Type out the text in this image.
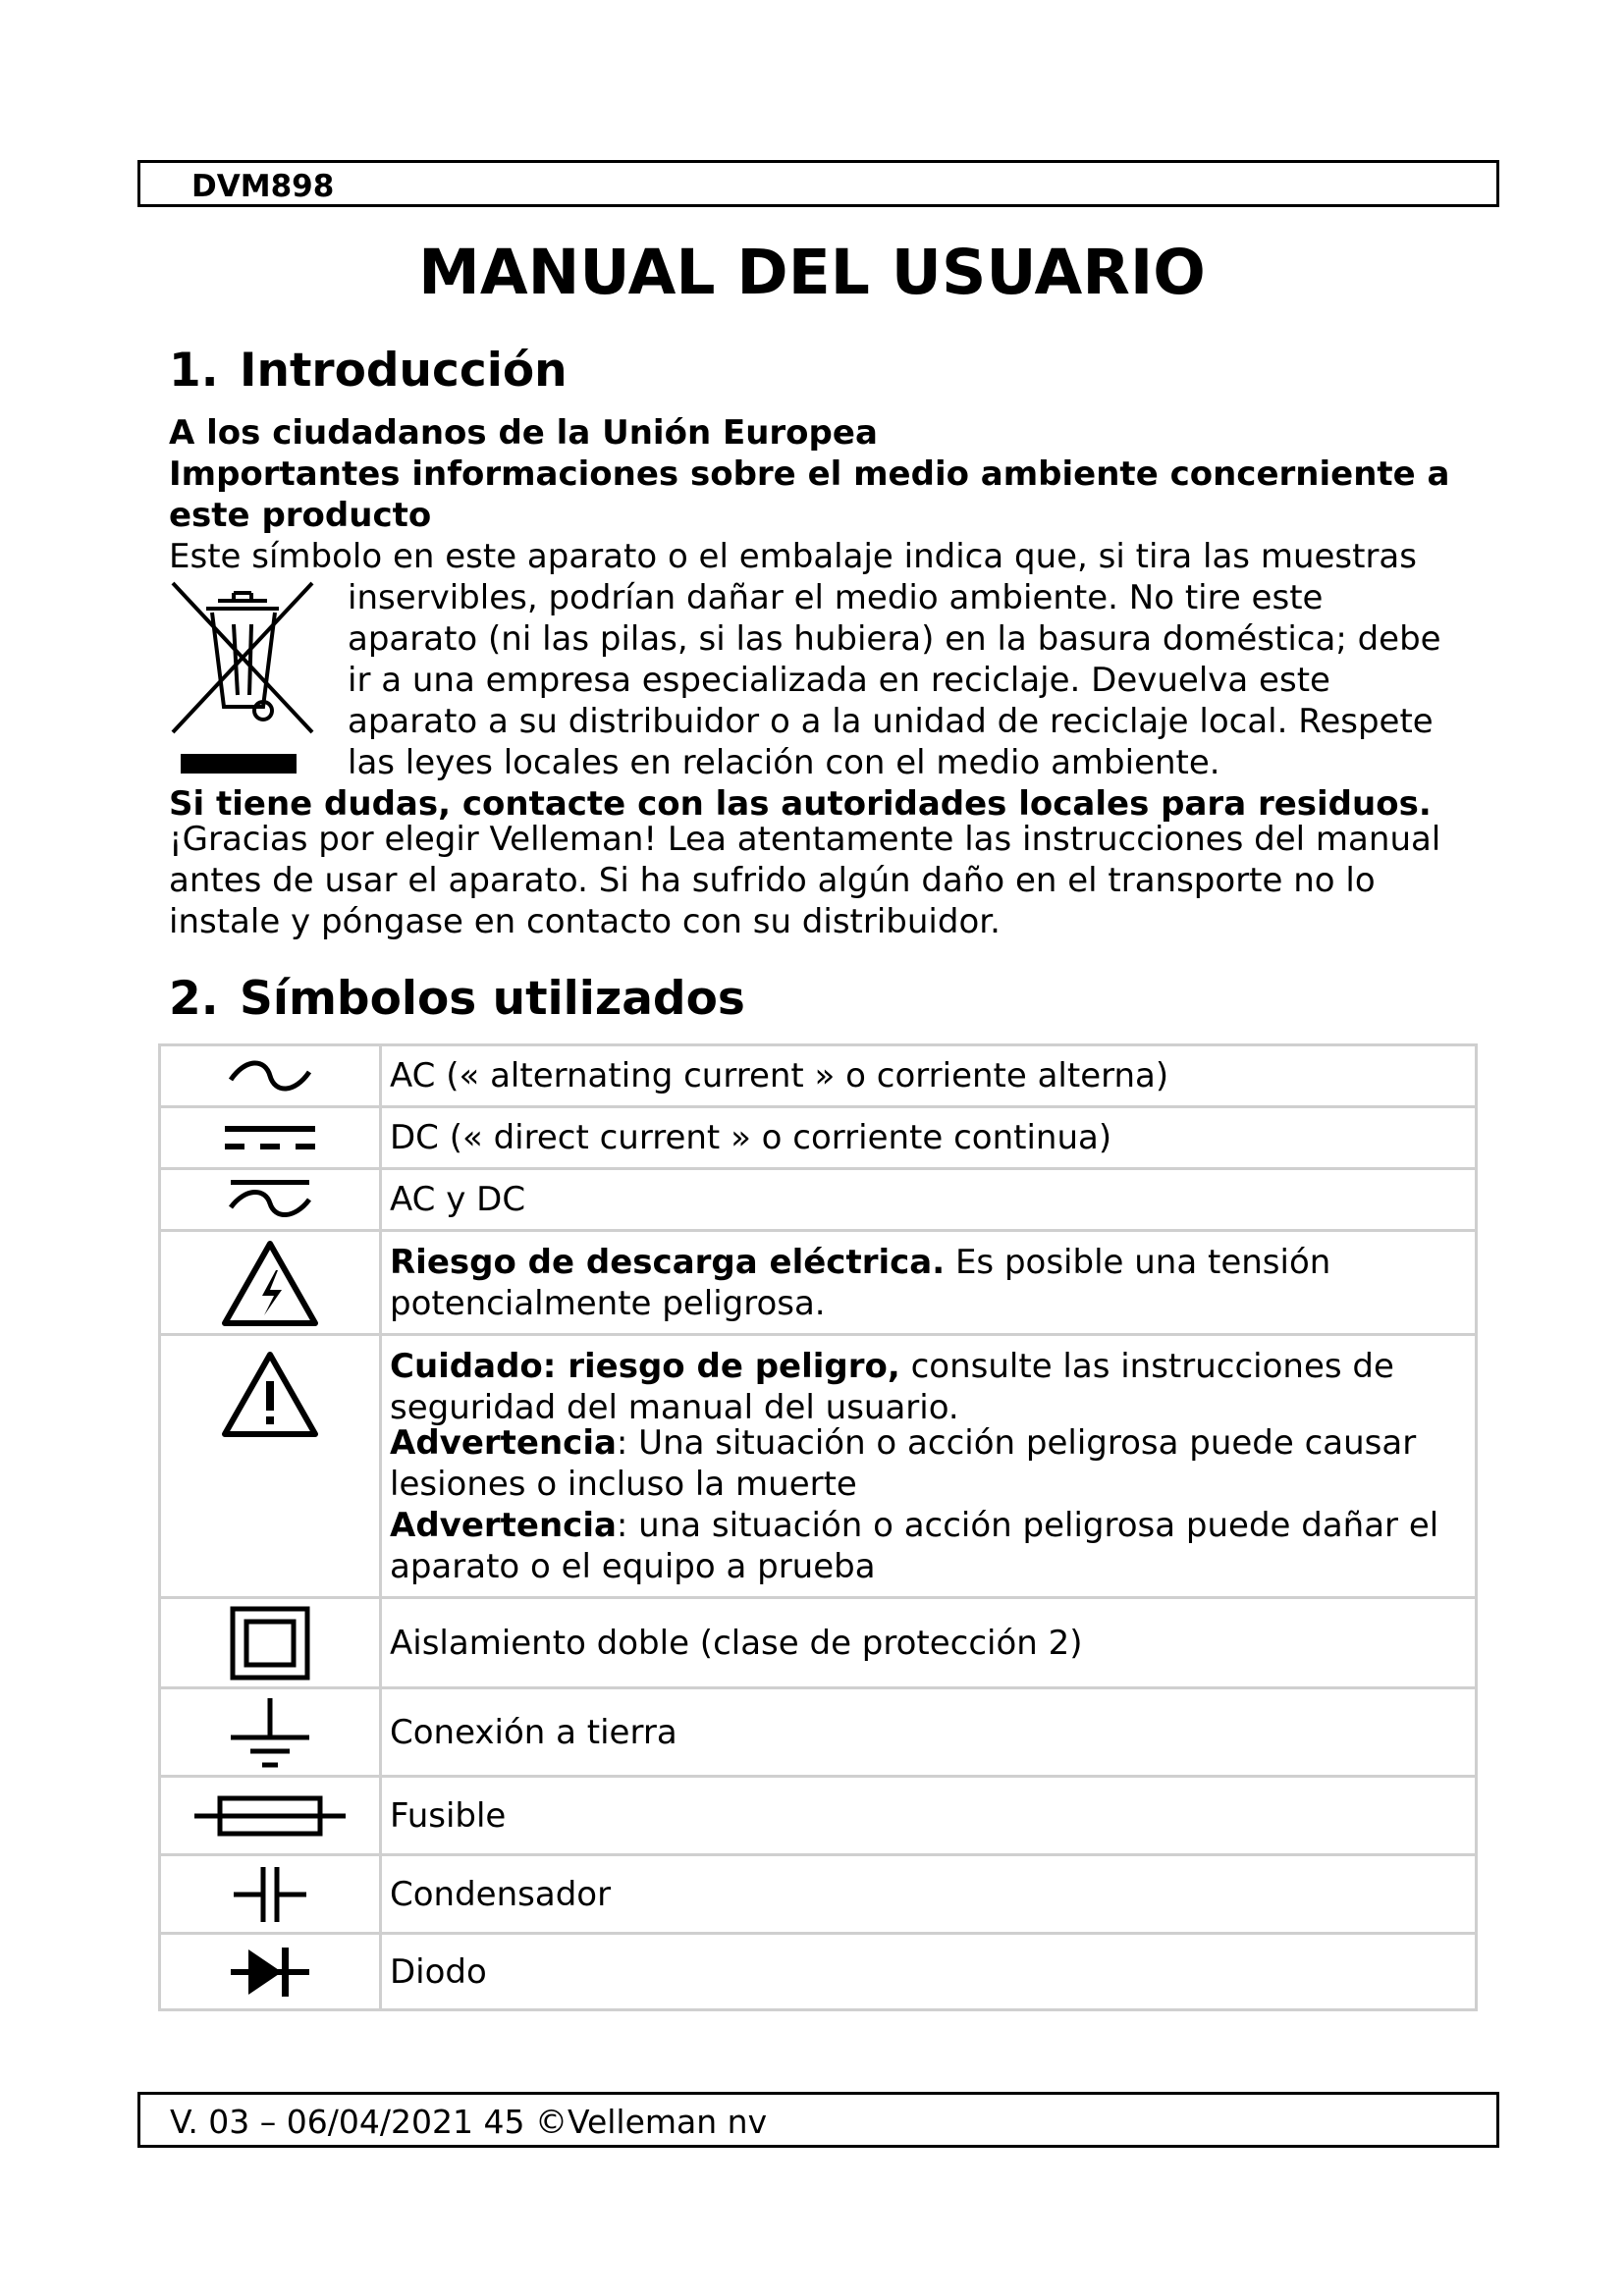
DVM898
MANUAL DEL USUARIO
1. Introducción

A los ciudadanos de la Unión Europea

Importantes informaciones sobre el medio ambiente concerniente a

este producto

Este símbolo en este aparato o el embalaje indica que, si tira las muestras

inservibles, podrían dañar el medio ambiente. No tire este

aparato (ni las pilas, si las hubiera) en la basura doméstica; debe

ir a una empresa especializada en reciclaje. Devuelva este

aparato a su distribuidor o a la unidad de reciclaje local. Respete

las leyes locales en relación con el medio ambiente.

Si tiene dudas, contacte con las autoridades locales para residuos.

¡Gracias por elegir Velleman! Lea atentamente las instrucciones del manual

antes de usar el aparato. Si ha sufrido algún daño en el transporte no lo

instale y póngase en contacto con su distribuidor.

2. Símbolos utilizados
	AC (« alternating current » o corriente alterna)

	DC (« direct current » o corriente continua)

	AC y DC

	Riesgo de descarga eléctrica. Es posible una tensión potencialmente peligrosa.

Cuidado: riesgo de peligro, consulte las instrucciones de seguridad del manual del usuario.
Advertencia: Una situación o acción peligrosa puede causar lesiones o incluso la muerte
Advertencia: una situación o acción peligrosa puede dañar el aparato o el equipo a prueba

	Aislamiento doble (clase de protección 2)

	Conexión a tierra

	Fusible

	Condensador

	Diodo
V. 03 – 06/04/2021 45 ©Velleman nv
